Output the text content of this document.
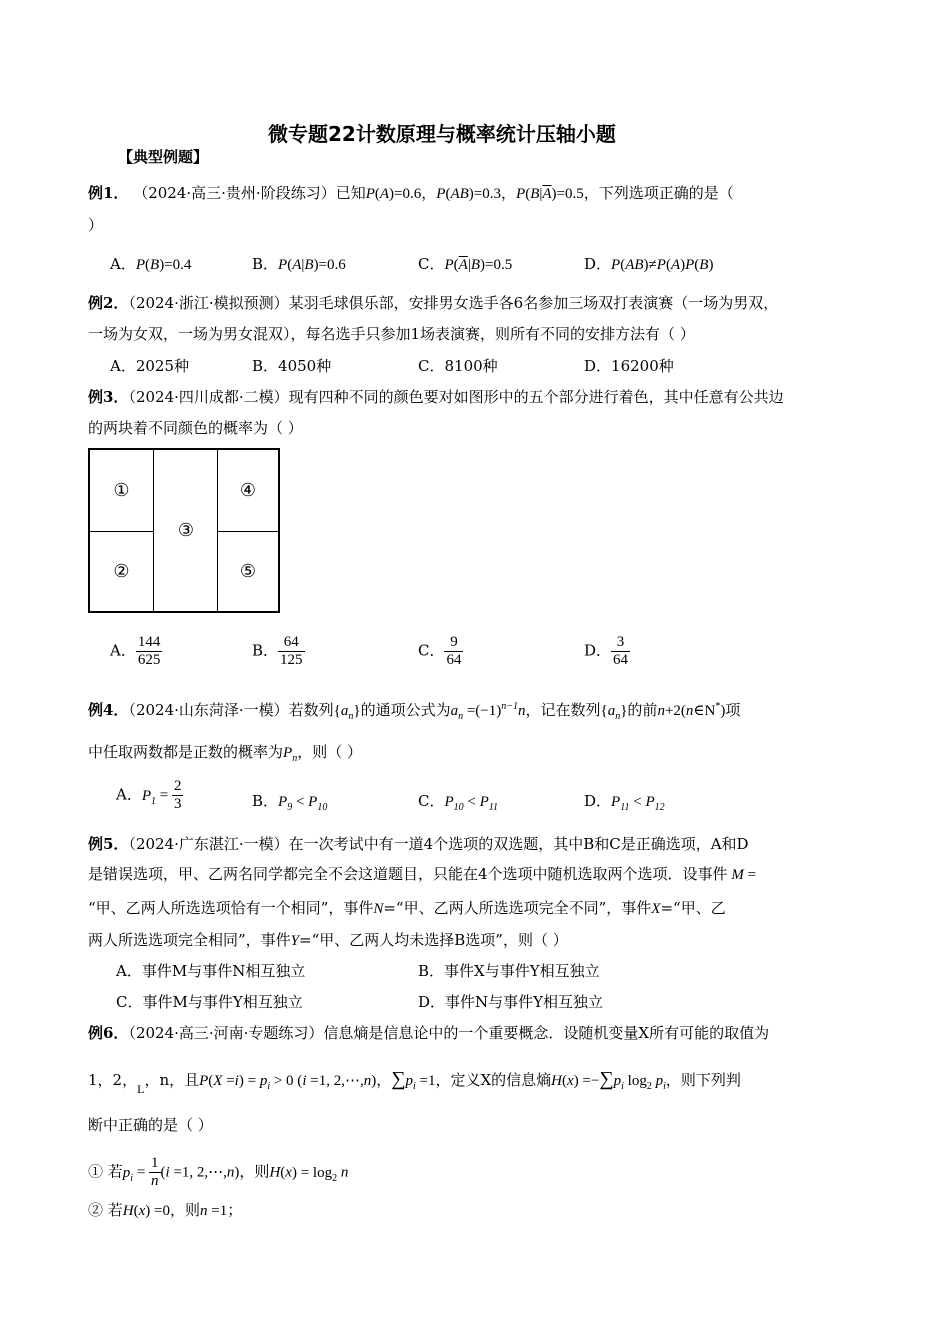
微专题22计数原理与概率统计压轴小题
【典型例题】
例1． （2024·高三·贵州·阶段练习）已知P(A)=0.6，P(AB)=0.3，$P(B|\overline{A})=0.5$，下列选项正确的是（
）
A．P(B)=0.4	B．P(A|B)=0.6	C．$P(\overline{A}|B)=0.5$	D．P(AB)≠P(A)P(B)
例2．（2024·浙江·模拟预测）某羽毛球俱乐部，安排男女选手各6名参加三场双打表演赛（一场为男双，
一场为女双，一场为男女混双），每名选手只参加1场表演赛，则所有不同的安排方法有（ ）
A．2025种	B．4050种	C．8100种	D．16200种
例3．（2024·四川成都·二模）现有四种不同的颜色要对如图形中的五个部分进行着色，其中任意有公共边
的两块着不同颜色的概率为（ ）
①
②
③
④
⑤
A． $\frac{144}{625}$	B． $\frac{64}{125}$	C． $\frac{9}{64}$	D． $\frac{3}{64}$
例4．（2024·山东菏泽·一模）若数列$\{a_n\}$的通项公式为$a_n =(-1)^{n-1}n$，记在数列$\{a_n\}$的前n+2(n∈N*)项
中任取两数都是正数的概率为$P_n$，则（ ）
A．$P_1 = \frac{2}{3}$	B．$P_9 < P_{10}$	C．$P_{10} < P_{11}$	D．$P_{11} < P_{12}$
例5．（2024·广东湛江·一模）在一次考试中有一道4个选项的双选题，其中B和C是正确选项，A和D
是错误选项，甲、乙两名同学都完全不会这道题目，只能在4个选项中随机选取两个选项．设事件 M =
“甲、乙两人所选选项恰有一个相同”，事件N=“甲、乙两人所选选项完全不同”，事件X=“甲、乙
两人所选选项完全相同”，事件Y=“甲、乙两人均未选择B选项”，则（ ）
A．事件M与事件N相互独立	B．事件X与事件Y相互独立
C．事件M与事件Y相互独立	D．事件N与事件Y相互独立
例6．（2024·高三·河南·专题练习）信息熵是信息论中的一个重要概念．设随机变量X所有可能的取值为
1，2，$_L$，n，且$P(X =i) = p_i > 0$ (i =1, 2,⋯,n)，$\sum p_i =1$，定义X的信息熵$H(x) =-\sum p_i$ $\log_2 p_i$，则下列判
断中正确的是（ ）
① 若$p_i = \frac{1}{n} (i =1$, 2,⋯,n)，则$H(x) = \log_2 n$
② 若H(x) =0，则n =1；
